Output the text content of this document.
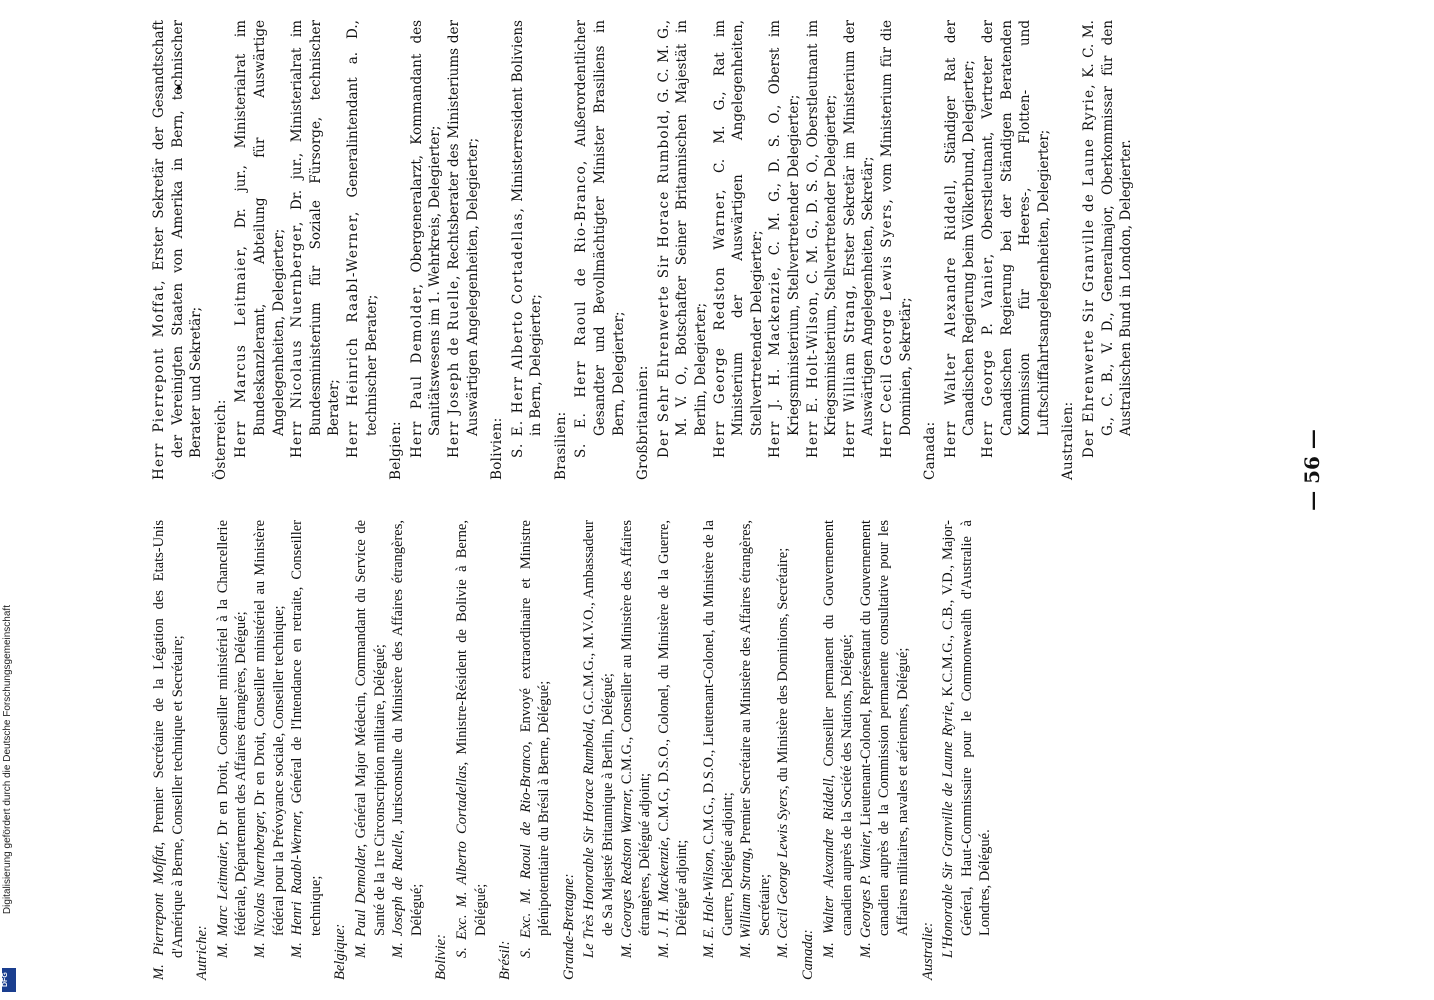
Digitalisierung gefördert durch die Deutsche Forschungsgemeinschaft
DFG
— 56 —

M. Pierrepont Moffat, Premier Secrétaire de la Légation des Etats-Unis d'Amérique à Berne, Conseiller technique et Secrétaire; Autriche: M. Marc Leitmaier, Dr en Droit, Conseiller ministériel à la Chancellerie fédérale, Département des Affaires étrangères, Délégué; M. Nicolas Nuernberger, Dr en Droit, Conseiller ministériel au Ministère fédéral pour la Prévoyance sociale, Conseiller technique; M. Henri Raabl-Werner, Général de l'Intendance en retraite, Conseiller technique;

Belgique: M. Paul Demolder, Général Major Médecin, Commandant du Service de Santé de la 1re Circonscription militaire, Délégué; M. Joseph de Ruelle, Jurisconsulte du Ministère des Affaires étrangères, Délégué;

Bolivie: S. Exc. M. Alberto Cortadellas, Ministre-Résident de Bolivie à Berne, Délégué;

Brésil:

S. Exc. M. Raoul de Rio-Branco, Envoyé extraordinaire et Ministre plénipotentiaire du Brésil à Berne, Délégué; Grande-Bretagne: Le Très Honorable Sir Horace Rumbold, G.C.M.G., M.V.O., Ambassadeur de Sa Majesté Britannique à Berlin, Délégué; M. Georges Redston Warner, C.M.G., Conseiller au Ministère des Affaires étrangères, Délégué adjoint; M. J. H. Mackenzie, C.M.G, D.S.O., Colonel, du Ministère de la Guerre, Délégué adjoint; M. E. Holt-Wilson, C.M.G., D.S.O., Lieutenant-Colonel, du Ministère de la Guerre, Délégué adjoint; M. William Strang, Premier Secrétaire au Ministère des Affaires étrangères, Secrétaire; M. Cecil George Lewis Syers, du Ministère des Dominions, Secrétaire;

Canada: M. Walter Alexandre Riddell, Conseiller permanent du Gouvernement canadien auprès de la Société des Nations, Délégué; M. Georges P. Vanier, Lieutenant-Colonel, Représentant du Gouvernement canadien auprès de la Commission permanente consultative pour les Affaires militaires, navales et aériennes, Délégué;

Australie: L'Honorable Sir Granville de Laune Ryrie, K.C.M.G., C.B., V.D., Major-Général, Haut-Commissaire pour le Commonwealth d'Australie à Londres, Délégué.

Herr Pierrepont Moffat, Erster Sekretär der Gesandtschaft der Vereinigten Staaten von Amerika in Bern, technischer Berater und Sekretär; Österreich: Herr Marcus Leitmaier, Dr. jur., Ministerialrat im Bundeskanzleramt, Abteilung für Auswärtige Angelegenheiten, Delegierter; Herr Nicolaus Nuernberger, Dr. jur., Ministerialrat im Bundesministerium für Soziale Fürsorge, technischer Berater; Herr Heinrich Raabl-Werner, Generalintendant a. D., technischer Berater;

Belgien: Herr Paul Demolder, Obergeneralarzt, Kommandant des Sanitätswesens im 1. Wehrkreis, Delegierter; Herr Joseph de Ruelle, Rechtsberater des Ministeriums der Auswärtigen Angelegenheiten, Delegierter;

Bolivien: S. E. Herr Alberto Cortadellas, Ministerresident Boliviens in Bern, Delegierter;

Brasilien: S. E. Herr Raoul de Rio-Branco, Außerordentlicher Gesandter und Bevollmächtigter Minister Brasiliens in Bern, Delegierter; Großbritannien: Der Sehr Ehrenwerte Sir Horace Rumbold, G. C. M. G., M. V. O., Botschafter Seiner Britannischen Majestät in Berlin, Delegierter; Herr George Redston Warner, C. M. G., Rat im Ministerium der Auswärtigen Angelegenheiten, Stellvertretender Delegierter; Herr J. H. Mackenzie, C. M. G., D. S. O., Oberst im Kriegsministerium, Stellvertretender Delegierter; Herr E. Holt-Wilson, C. M. G., D. S. O., Oberstleutnant im Kriegsministerium, Stellvertretender Delegierter; Herr William Strang, Erster Sekretär im Ministerium der Auswärtigen Angelegenheiten, Sekretär; Herr Cecil George Lewis Syers, vom Ministerium für die Dominien, Sekretär;

Canada: Herr Walter Alexandre Riddell, Ständiger Rat der Canadischen Regierung beim Völkerbund, Delegierter; Herr George P. Vanier, Oberstleutnant, Vertreter der Canadischen Regierung bei der Ständigen Beratenden Kommission für Heeres-, Flotten- und Luftschiffahrtsangelegenheiten, Delegierter;

Australien: Der Ehrenwerte Sir Granville de Laune Ryrie, K. C. M. G., C. B., V. D., Generalmajor, Oberkommissar für den Australischen Bund in London, Delegierter.
